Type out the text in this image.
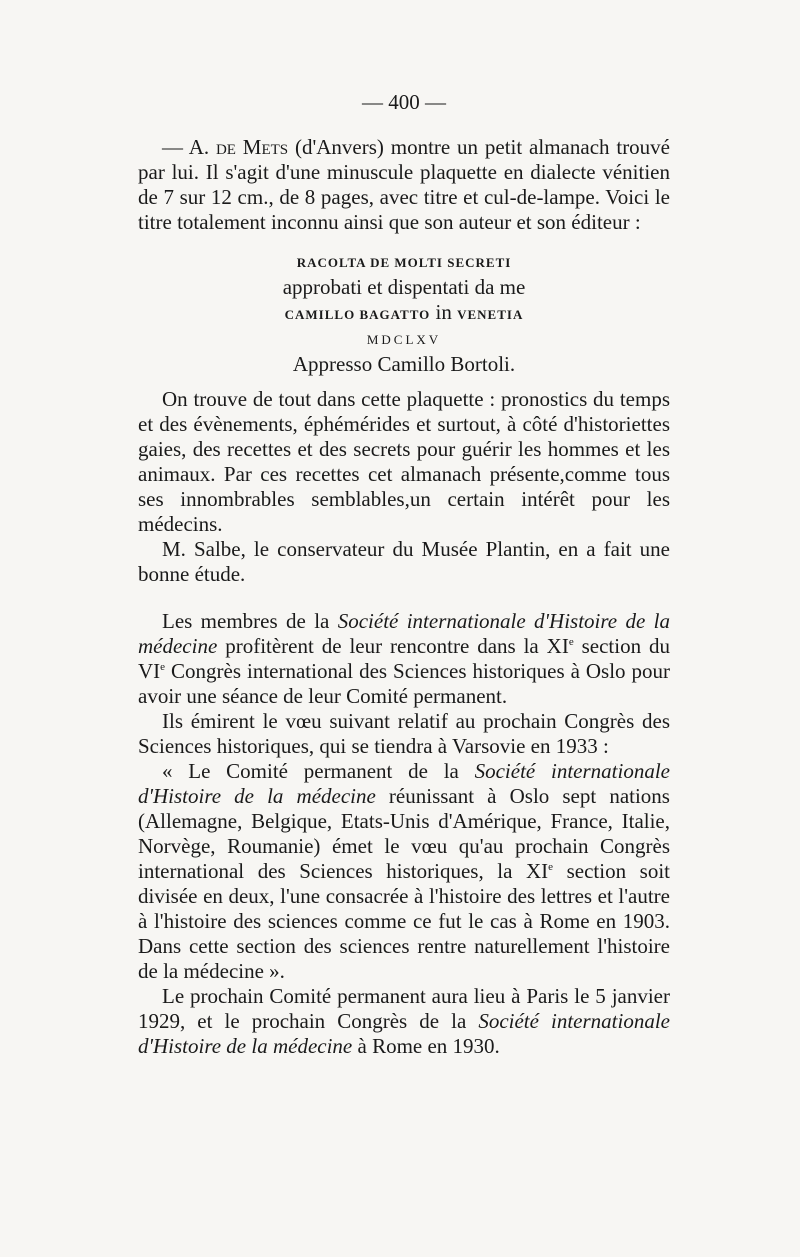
— 400 —

— A. de Mets (d'Anvers) montre un petit almanach trouvé par lui. Il s'agit d'une minuscule plaquette en dialecte vénitien de 7 sur 12 cm., de 8 pages, avec titre et cul-de-lampe. Voici le titre totalement inconnu ainsi que son auteur et son éditeur :

RACOLTA DE MOLTI SECRETI
approbati et dispentati da me
CAMILLO BAGATTO in VENETIA
MDCLXV
Appresso Camillo Bortoli.

On trouve de tout dans cette plaquette : pronostics du temps et des évènements, éphémérides et surtout, à côté d'historiettes gaies, des recettes et des secrets pour guérir les hommes et les animaux. Par ces recettes cet almanach présente,comme tous ses innombrables semblables,un certain intérêt pour les médecins.

M. Salbe, le conservateur du Musée Plantin, en a fait une bonne étude.

Les membres de la Société internationale d'Histoire de la médecine profitèrent de leur rencontre dans la XIe section du VIe Congrès international des Sciences historiques à Oslo pour avoir une séance de leur Comité permanent.

Ils émirent le vœu suivant relatif au prochain Congrès des Sciences historiques, qui se tiendra à Varsovie en 1933 :

« Le Comité permanent de la Société internationale d'Histoire de la médecine réunissant à Oslo sept nations (Allemagne, Belgique, Etats-Unis d'Amérique, France, Italie, Norvège, Roumanie) émet le vœu qu'au prochain Congrès international des Sciences historiques, la XIe section soit divisée en deux, l'une consacrée à l'histoire des lettres et l'autre à l'histoire des sciences comme ce fut le cas à Rome en 1903. Dans cette section des sciences rentre naturellement l'histoire de la médecine ».

Le prochain Comité permanent aura lieu à Paris le 5 janvier 1929, et le prochain Congrès de la Société internationale d'Histoire de la médecine à Rome en 1930.
